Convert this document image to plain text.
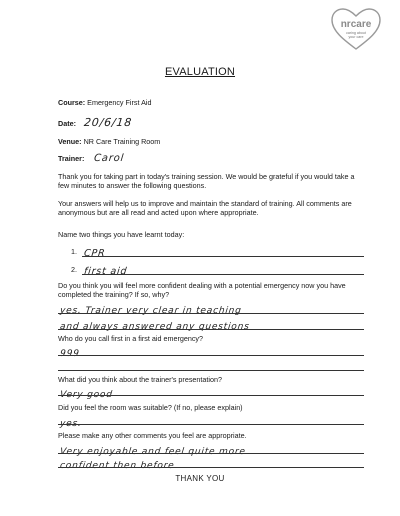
nrcare
caring about
your care
EVALUATION
Course: Emergency First Aid
Date: 20/6/18
Venue: NR Care Training Room
Trainer: Carol
Thank you for taking part in today's training session. We would be grateful if you would take a few minutes to answer the following questions.
Your answers will help us to improve and maintain the standard of training. All comments are anonymous but are all read and acted upon where appropriate.
Name two things you have learnt today:
1. CPR
2. first aid
Do you think you will feel more confident dealing with a potential emergency now you have completed the training? If so, why?
yes. Trainer very clear in teaching
and always answered any questions
Who do you call first in a first aid emergency?
999
What did you think about the trainer's presentation?
Very good
Did you feel the room was suitable? (If no, please explain)
yes.
Please make any other comments you feel are appropriate.
Very enjoyable and feel quite more
confident then before
THANK YOU
